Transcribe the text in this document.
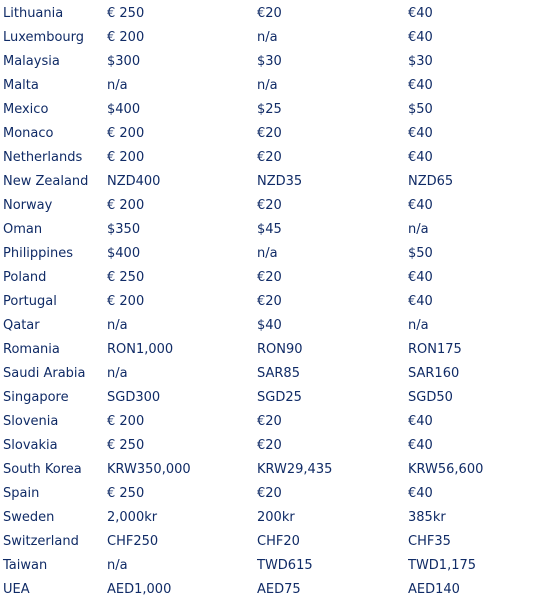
Lithuania	€ 250	€20	€40
Luxembourg	€ 200	n/a	€40
Malaysia	$300	$30	$30
Malta	n/a	n/a	€40
Mexico	$400	$25	$50
Monaco	€ 200	€20	€40
Netherlands	€ 200	€20	€40
New Zealand	NZD400	NZD35	NZD65
Norway	€ 200	€20	€40
Oman	$350	$45	n/a
Philippines	$400	n/a	$50
Poland	€ 250	€20	€40
Portugal	€ 200	€20	€40
Qatar	n/a	$40	n/a
Romania	RON1,000	RON90	RON175
Saudi Arabia	n/a	SAR85	SAR160
Singapore	SGD300	SGD25	SGD50
Slovenia	€ 200	€20	€40
Slovakia	€ 250	€20	€40
South Korea	KRW350,000	KRW29,435	KRW56,600
Spain	€ 250	€20	€40
Sweden	2,000kr	200kr	385kr
Switzerland	CHF250	CHF20	CHF35
Taiwan	n/a	TWD615	TWD1,175
UEA	AED1,000	AED75	AED140
